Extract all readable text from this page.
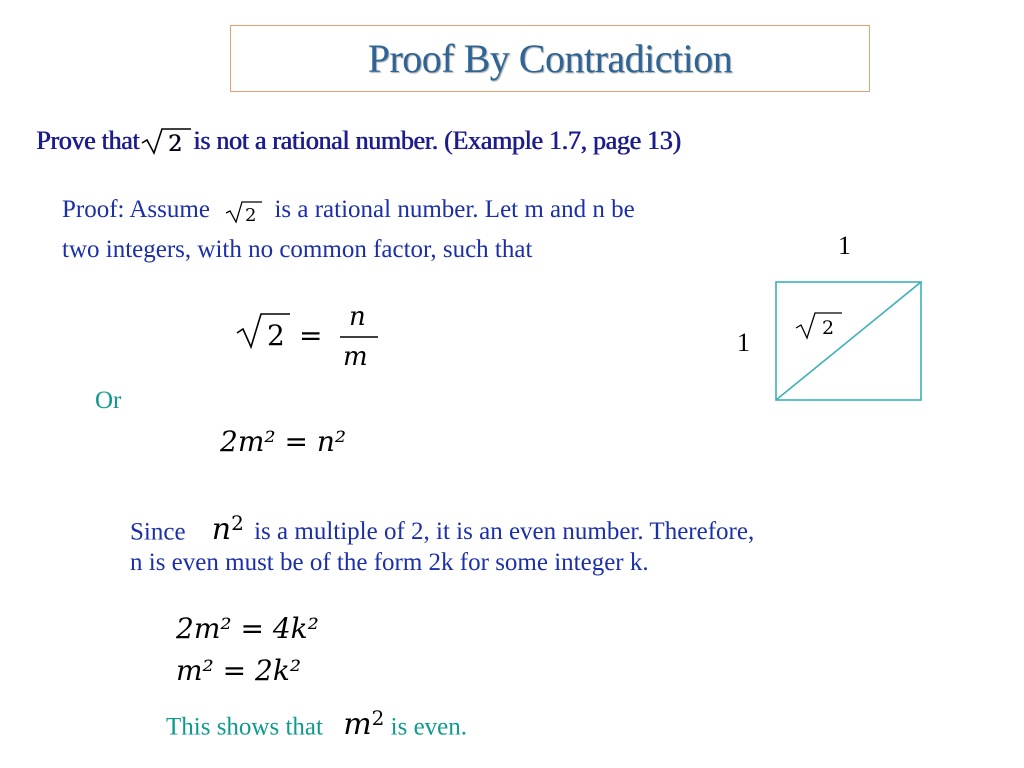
Proof By Contradiction
Prove that 2 is not a rational number. (Example 1.7, page 13)
Proof: Assume 2 is a rational number. Let m and n be
two integers, with no common factor, such that	1
1	2
2 =
n
m
Or
2m² = n²
Since $n^2$ is a multiple of 2, it is an even number. Therefore,
n is even must be of the form 2k for some integer k.
2m² = 4k²
m² = 2k²
This shows that $m^2$ is even.
